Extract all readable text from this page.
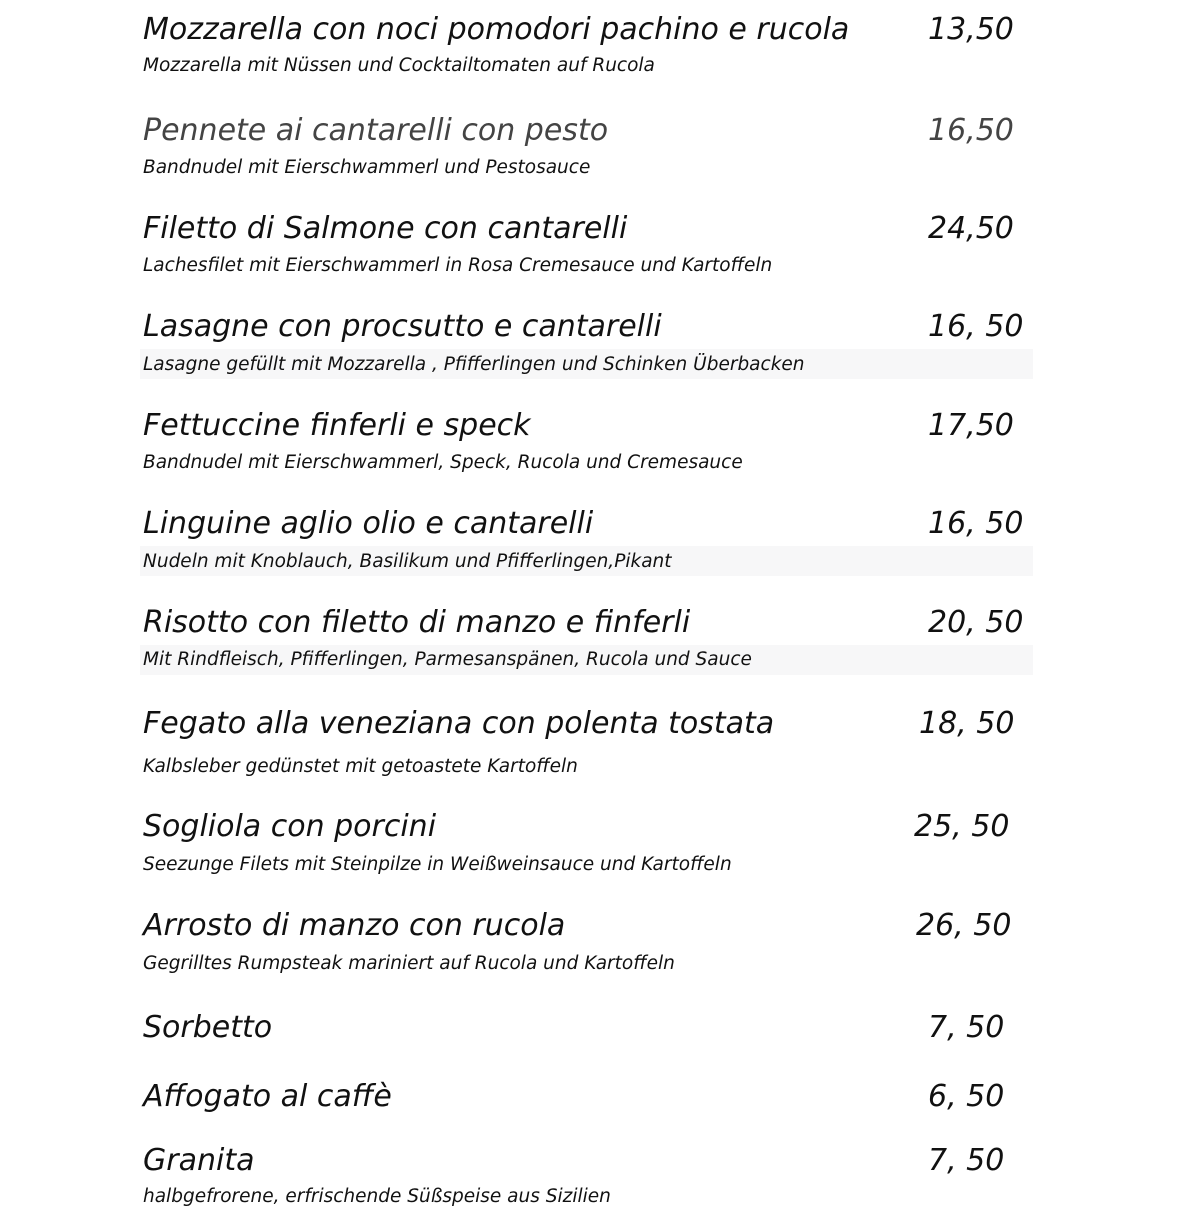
Mozzarella con noci pomodori pachino e rucola	13,50
Mozzarella mit Nüssen und Cocktailtomaten auf Rucola
Pennete ai cantarelli con pesto	16,50
Bandnudel mit Eierschwammerl und Pestosauce
Filetto di Salmone con cantarelli	24,50
Lachesfilet mit Eierschwammerl in Rosa Cremesauce und Kartoffeln
Lasagne con procsutto e cantarelli	16, 50
Lasagne gefüllt mit Mozzarella , Pfifferlingen und Schinken Überbacken
Fettuccine finferli e speck	17,50
Bandnudel mit Eierschwammerl, Speck, Rucola und Cremesauce
Linguine aglio olio e cantarelli	16, 50
Nudeln mit Knoblauch, Basilikum und Pfifferlingen,Pikant
Risotto con filetto di manzo e finferli	20, 50
Mit Rindfleisch, Pfifferlingen, Parmesanspänen, Rucola und Sauce
Fegato alla veneziana con polenta tostata	18, 50
Kalbsleber gedünstet mit getoastete Kartoffeln
Sogliola con porcini	25, 50
Seezunge Filets mit Steinpilze in Weißweinsauce und Kartoffeln
Arrosto di manzo con rucola	26, 50
Gegrilltes Rumpsteak mariniert auf Rucola und Kartoffeln
Sorbetto	7, 50
Affogato al caffè	6, 50
Granita	7, 50
halbgefrorene, erfrischende Süßspeise aus Sizilien
